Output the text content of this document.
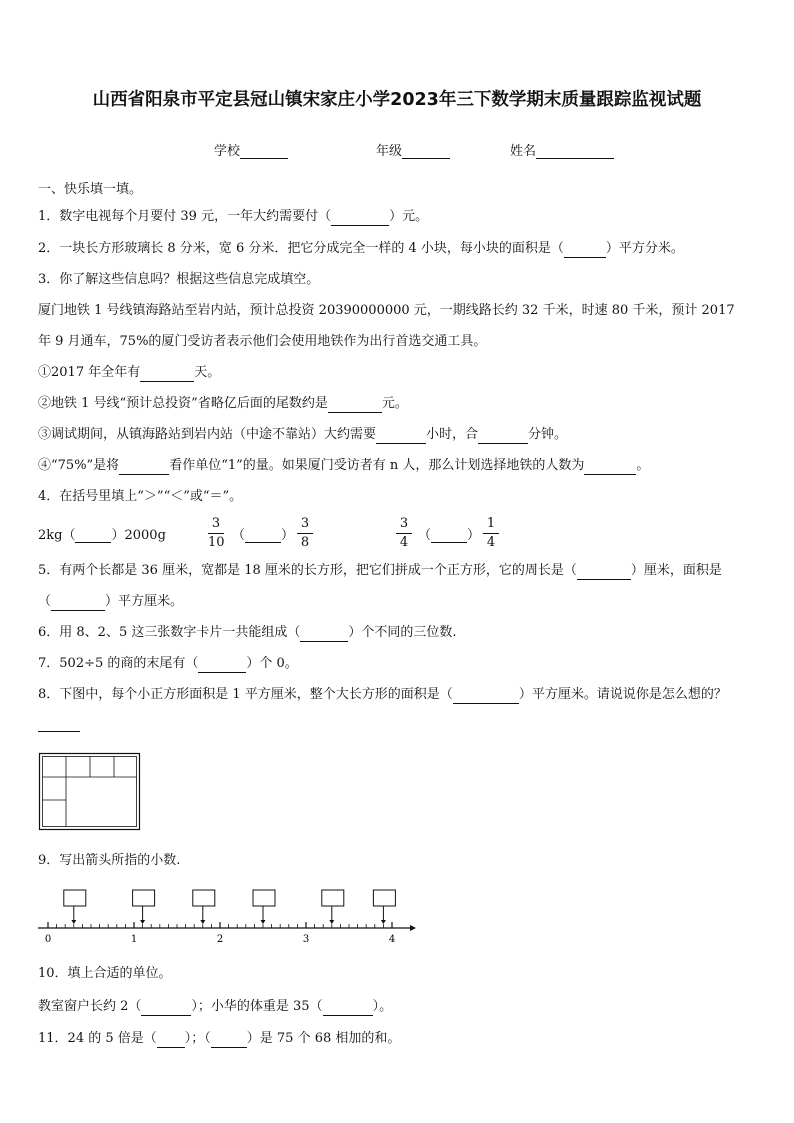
山西省阳泉市平定县冠山镇宋家庄小学2023年三下数学期末质量跟踪监视试题
学校	年级	姓名
一、快乐填一填。
1．数字电视每个月要付 39 元，一年大约需要付（	）元。
2．一块长方形玻璃长 8 分米，宽 6 分米．把它分成完全一样的 4 小块，每小块的面积是（	）平方分米。
3．你了解这些信息吗？根据这些信息完成填空。
厦门地铁 1 号线镇海路站至岩内站，预计总投资 20390000000 元，一期线路长约 32 千米，时速 80 千米，预计 2017
年 9 月通车，75%的厦门受访者表示他们会使用地铁作为出行首选交通工具。
①2017 年全年有	天。
②地铁 1 号线“预计总投资”省略亿后面的尾数约是	元。
③调试期间，从镇海路站到岩内站（中途不靠站）大约需要	小时，合	分钟。
④“75%”是将	看作单位“1”的量。如果厦门受访者有 n 人，那么计划选择地铁的人数为	。
4．在括号里填上“＞”“＜”或“＝”。
2kg（	）2000g
3
10 （	）
3
8
3
4 （	）
1
4
5．有两个长都是 36 厘米，宽都是 18 厘米的长方形，把它们拼成一个正方形，它的周长是（	）厘米，面积是
（	）平方厘米。
6．用 8、2、5 这三张数字卡片一共能组成（	）个不同的三位数.
7．502÷5 的商的末尾有（	）个 0。
8．下图中，每个小正方形面积是 1 平方厘米，整个大长方形的面积是（	）平方厘米。请说说你是怎么想的？
9．写出箭头所指的小数.
0	1	2	3	4
10．填上合适的单位。
教室窗户长约 2（	）；小华的体重是 35（	）。
11．24 的 5 倍是（ ）；（	）是 75 个 68 相加的和。
